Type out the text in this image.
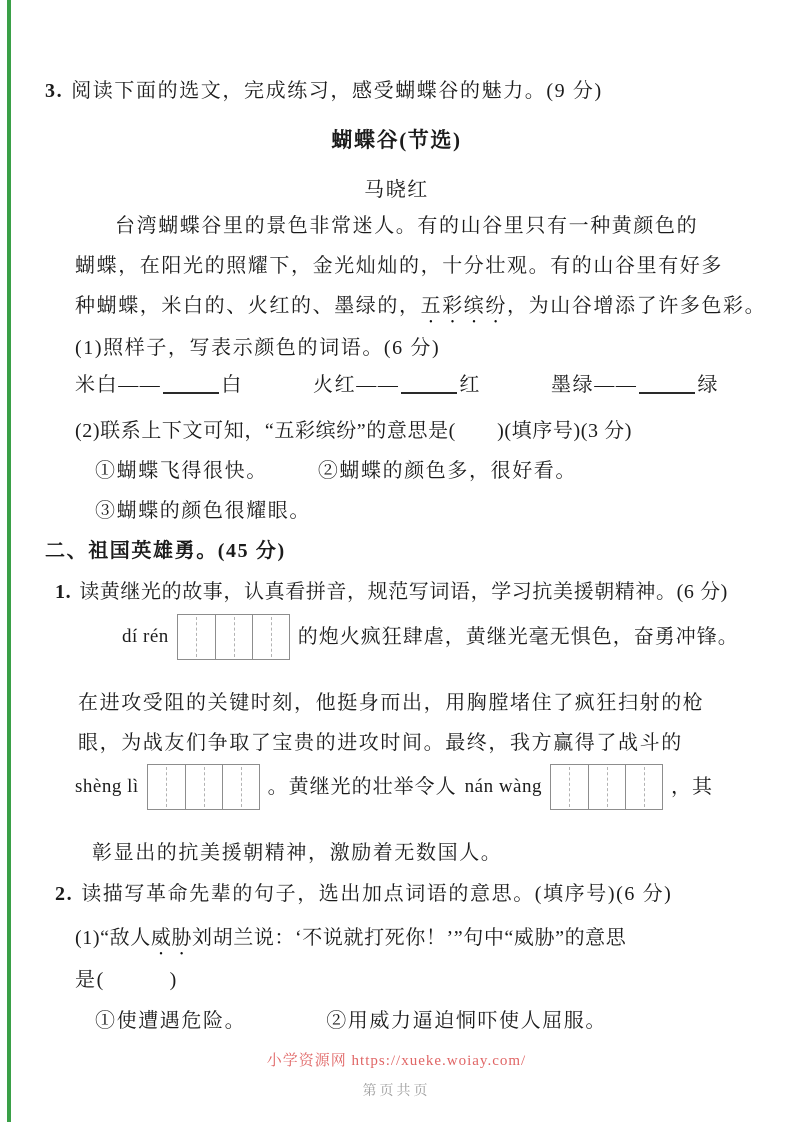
3. 阅读下面的选文，完成练习，感受蝴蝶谷的魅力。(9 分)
蝴蝶谷(节选)
马晓红
台湾蝴蝶谷里的景色非常迷人。有的山谷里只有一种黄颜色的
蝴蝶，在阳光的照耀下，金光灿灿的，十分壮观。有的山谷里有好多
种蝴蝶，米白的、火红的、墨绿的，五彩缤纷，为山谷增添了许多色彩。
(1)照样子，写表示颜色的词语。(6 分)
米白——	白	火红——	红	墨绿——	绿
(2)联系上下文可知，“五彩缤纷”的意思是(　　)(填序号)(3 分)
①蝴蝶飞得很快。	②蝴蝶的颜色多，很好看。
③蝴蝶的颜色很耀眼。
二、祖国英雄勇。(45 分)
1. 读黄继光的故事，认真看拼音，规范写词语，学习抗美援朝精神。(6 分)
dí rén	的炮火疯狂肆虐，黄继光毫无惧色，奋勇冲锋。
在进攻受阻的关键时刻，他挺身而出，用胸膛堵住了疯狂扫射的枪
眼，为战友们争取了宝贵的进攻时间。最终，我方赢得了战斗的
shèng lì	。黄继光的壮举令人 nán wàng	，其
彰显出的抗美援朝精神，激励着无数国人。
2. 读描写革命先辈的句子，选出加点词语的意思。(填序号)(6 分)
(1)“敌人威胁刘胡兰说：‘不说就打死你！’”句中“威胁”的意思
是(　　　)
①使遭遇危险。	②用威力逼迫恫吓使人屈服。
小学资源网 https://xueke.woiay.com/
第页共页
